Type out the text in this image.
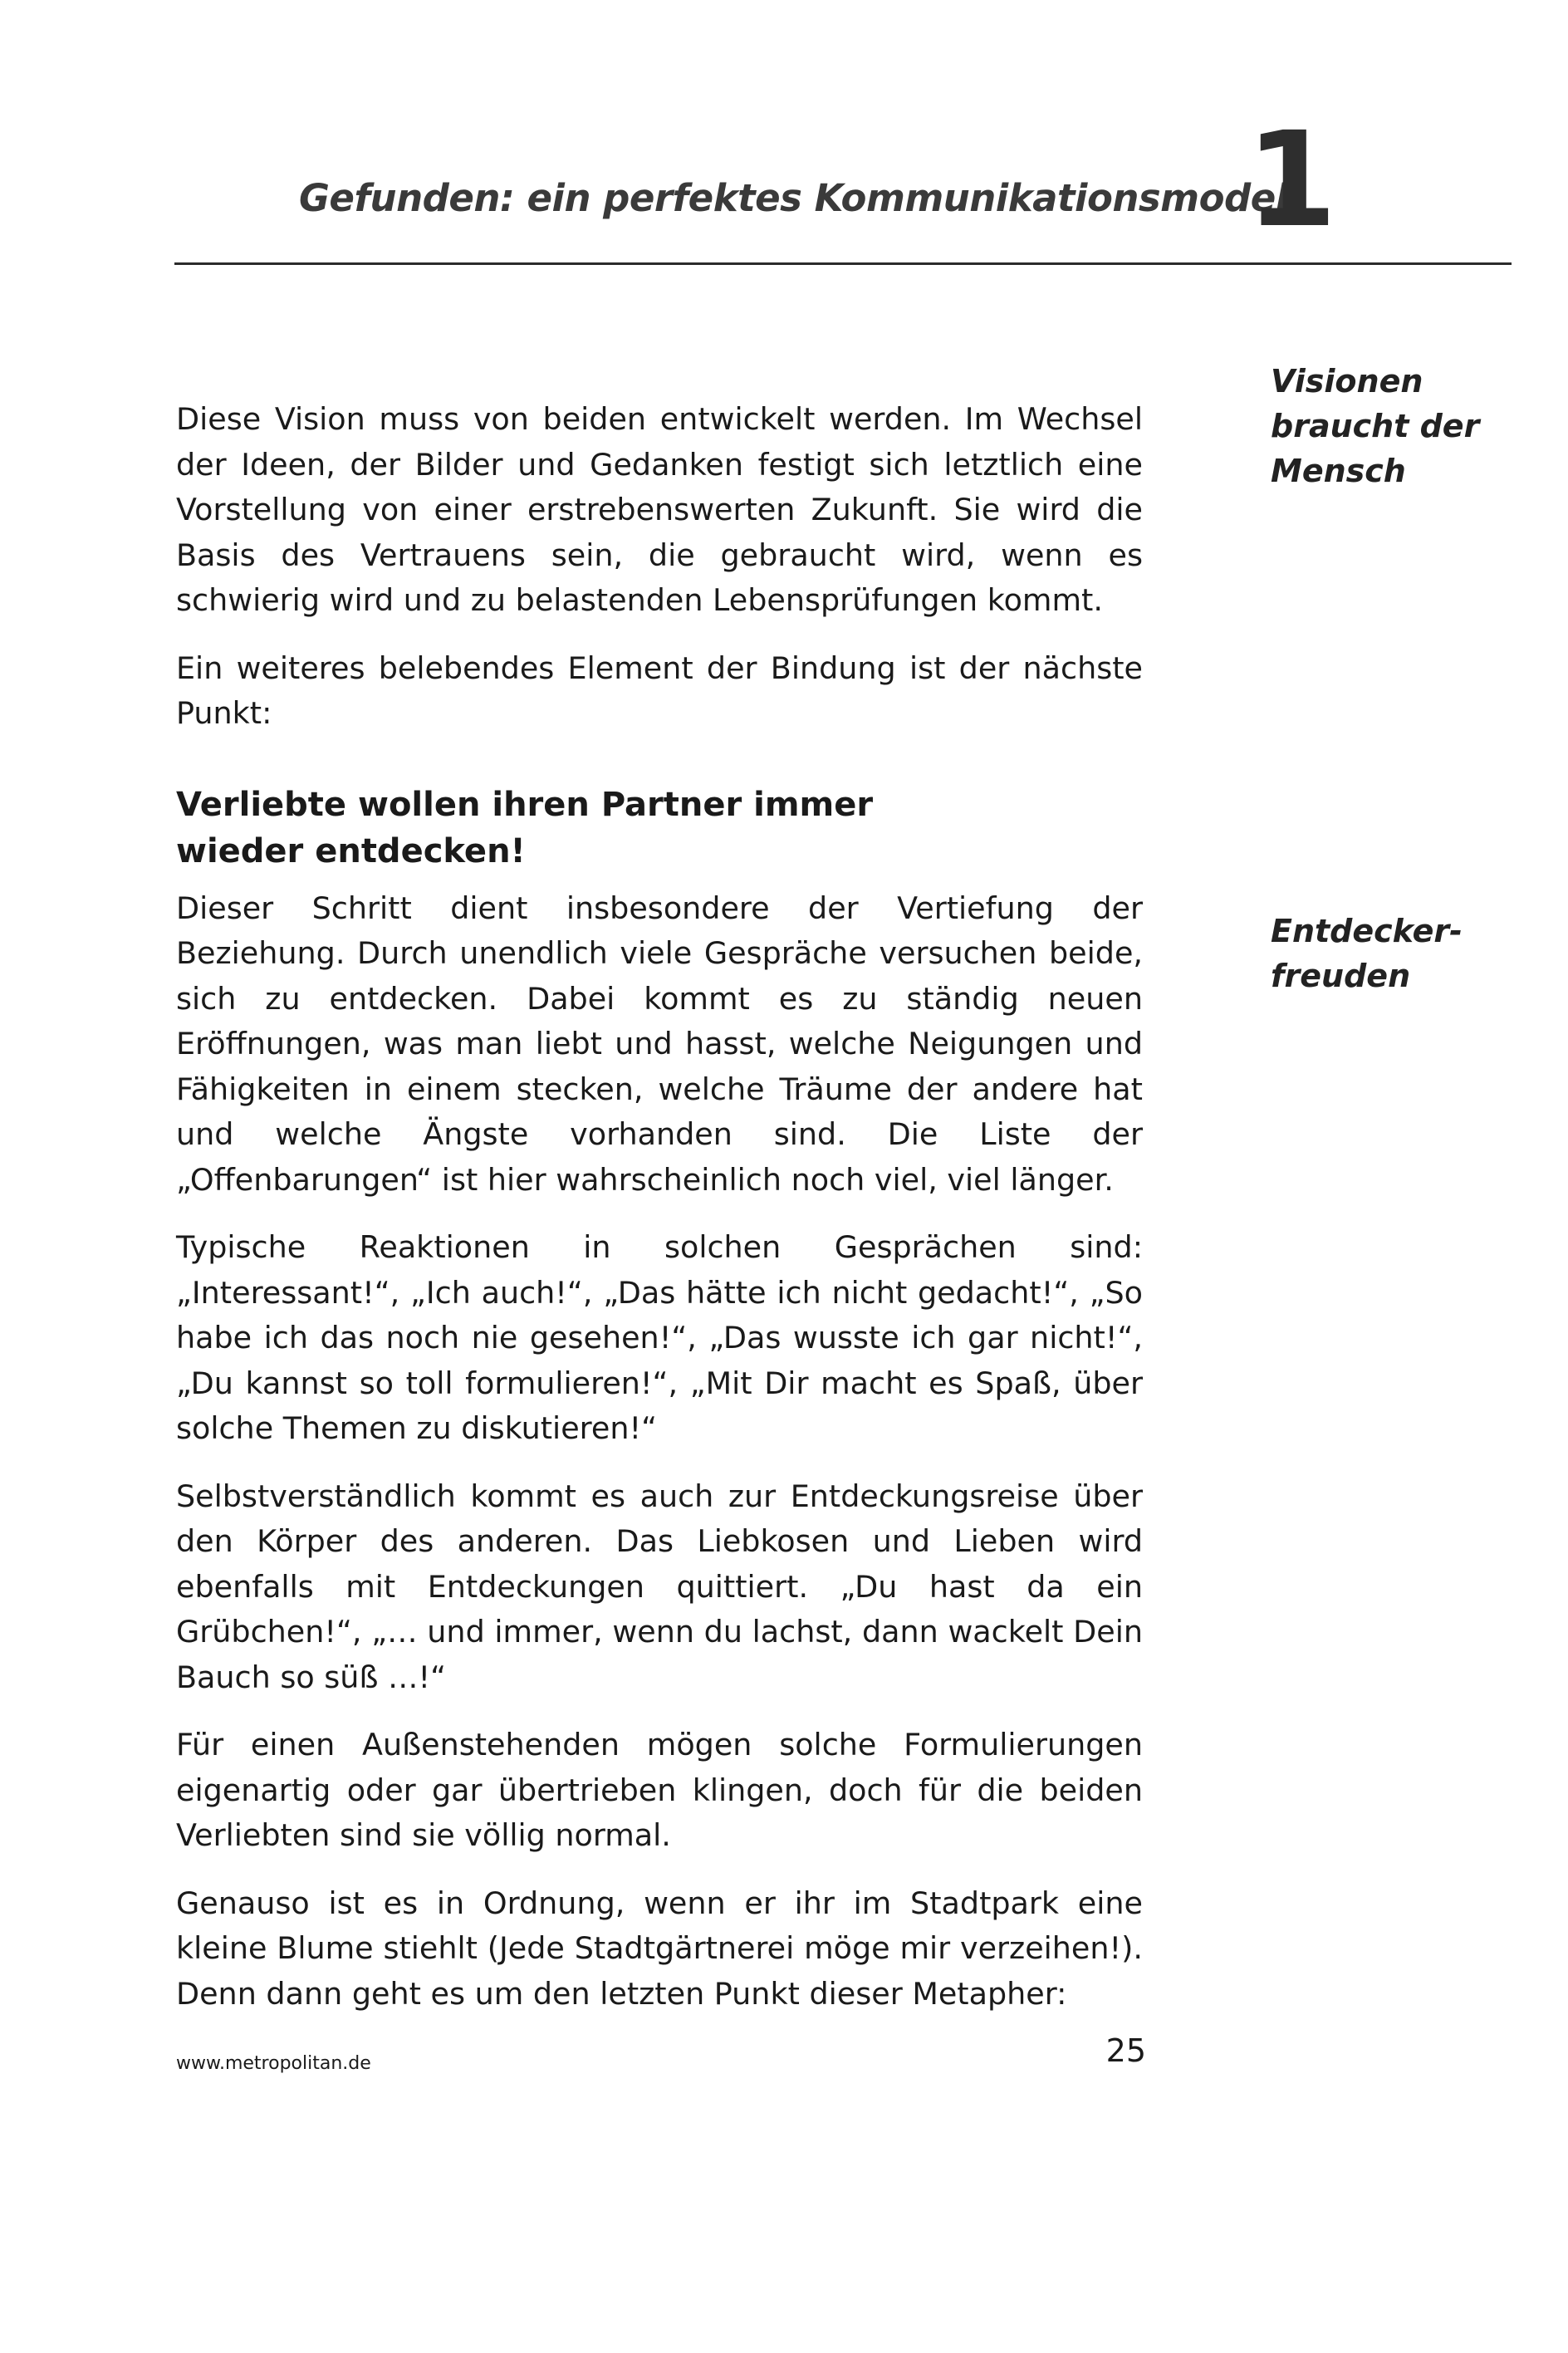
Gefunden: ein perfektes Kommunikationsmodell
1
Visionen
braucht der
Mensch
Entdecker-
freuden

Diese Vision muss von beiden entwickelt werden. Im Wechsel der Ideen, der Bilder und Gedanken festigt sich letztlich eine Vorstellung von einer erstrebenswerten Zukunft. Sie wird die Basis des Vertrauens sein, die gebraucht wird, wenn es schwierig wird und zu belastenden Lebensprüfungen kommt.

Ein weiteres belebendes Element der Bindung ist der nächste Punkt:

Verliebte wollen ihren Partner immer wieder entdecken!

Dieser Schritt dient insbesondere der Vertiefung der Beziehung. Durch unendlich viele Gespräche versuchen beide, sich zu entdecken. Dabei kommt es zu ständig neuen Eröffnungen, was man liebt und hasst, welche Neigungen und Fähigkeiten in einem stecken, welche Träume der andere hat und welche Ängste vorhanden sind. Die Liste der „Offenbarungen“ ist hier wahrscheinlich noch viel, viel länger.

Typische Reaktionen in solchen Gesprächen sind: „Interessant!“, „Ich auch!“, „Das hätte ich nicht gedacht!“, „So habe ich das noch nie gesehen!“, „Das wusste ich gar nicht!“, „Du kannst so toll formulieren!“, „Mit Dir macht es Spaß, über solche Themen zu diskutieren!“

Selbstverständlich kommt es auch zur Entdeckungsreise über den Körper des anderen. Das Liebkosen und Lieben wird ebenfalls mit Entdeckungen quittiert. „Du hast da ein Grübchen!“, „… und immer, wenn du lachst, dann wackelt Dein Bauch so süß …!“

Für einen Außenstehenden mögen solche Formulierungen eigenartig oder gar übertrieben klingen, doch für die beiden Verliebten sind sie völlig normal.

Genauso ist es in Ordnung, wenn er ihr im Stadtpark eine kleine Blume stiehlt (Jede Stadtgärtnerei möge mir verzeihen!). Denn dann geht es um den letzten Punkt dieser Metapher:

www.metropolitan.de	25
